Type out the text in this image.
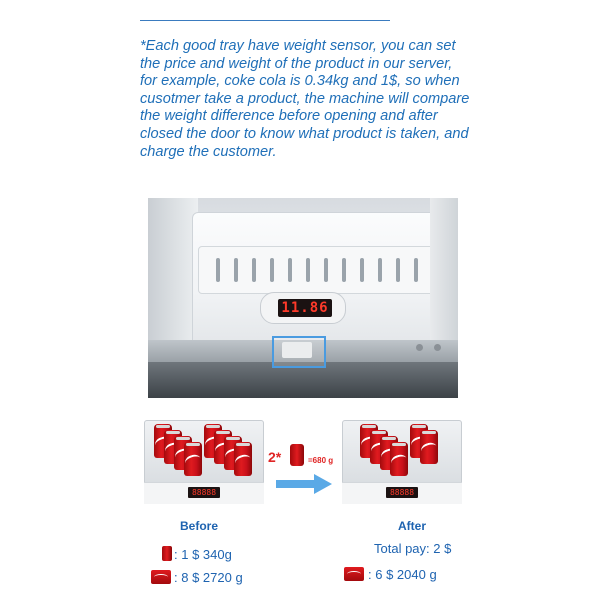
*Each good tray have weight sensor, you can set the price and weight of the product in our server, for example, coke cola is 0.34kg and 1$, so when cusotmer take a product, the machine will compare the weight difference before opening and after closed the door to know what product is taken, and charge the customer.

11.86
88888
Before
2*	=680 g
88888
After
: 1 $ 340g
: 8 $ 2720 g
Total pay: 2 $
: 6 $ 2040 g
